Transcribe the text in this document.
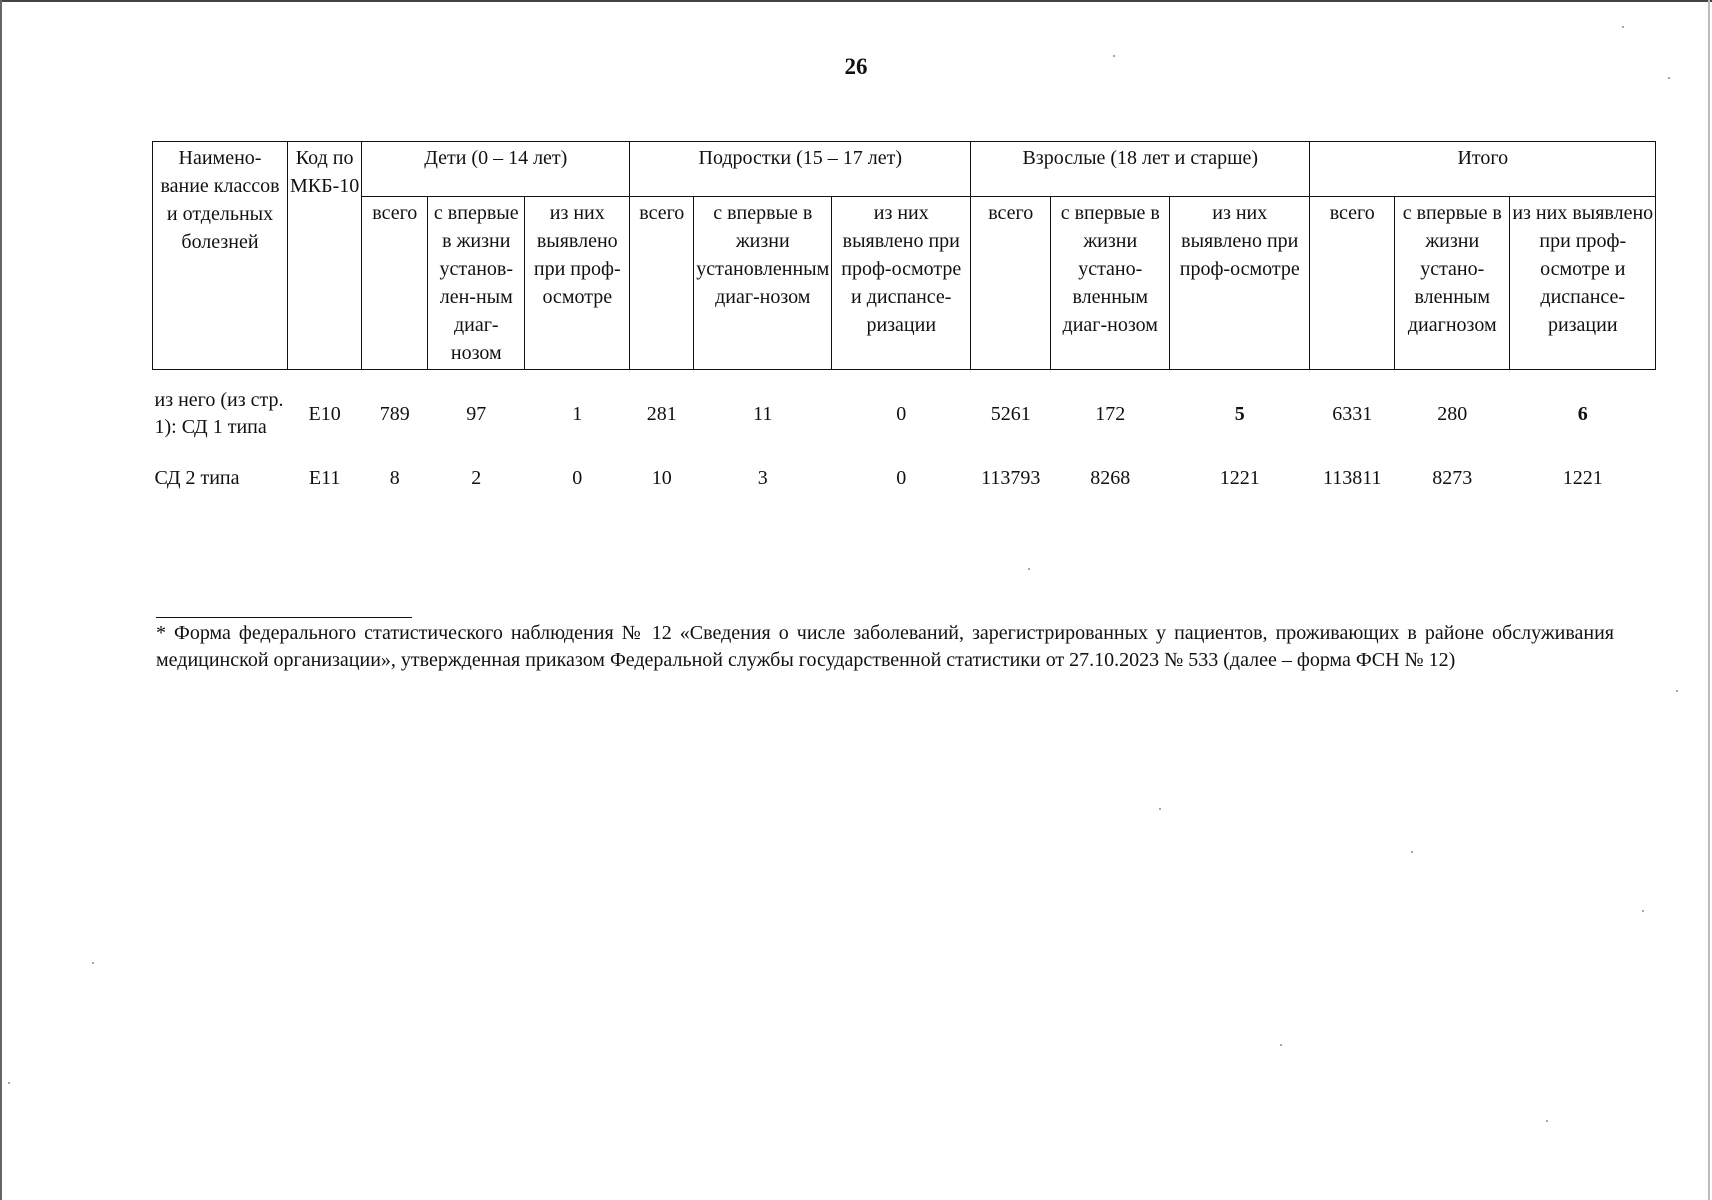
26
Наимено-вание классов и отдельных болезней	Код по МКБ-10	Дети (0 – 14 лет)			Подростки (15 – 17 лет)			Взрослые (18 лет и старше)			Итого		
		всего	с впервые в жизни установ-лен-ным диаг-нозом	из них выявлено при проф-осмотре	всего	с впервые в жизни установленным диаг-нозом	из них выявлено при проф-осмотре и диспансе-ризации	всего	с впервые в жизни устано-вленным диаг-нозом	из них выявлено при проф-осмотре	всего	с впервые в жизни устано-вленным диагнозом	из них выявлено при проф-осмотре и диспансе-ризации
из него (из стр. 1): СД 1 типа	E10	789	97	1	281	11	0	5261	172	5	6331	280	6
СД 2 типа	E11	8	2	0	10	3	0	113793	8268	1221	113811	8273	1221
* Форма федерального статистического наблюдения № 12 «Сведения о числе заболеваний, зарегистрированных у пациентов, проживающих в районе обслуживания медицинской организации», утвержденная приказом Федеральной службы государственной статистики от 27.10.2023 № 533 (далее – форма ФСН № 12)
